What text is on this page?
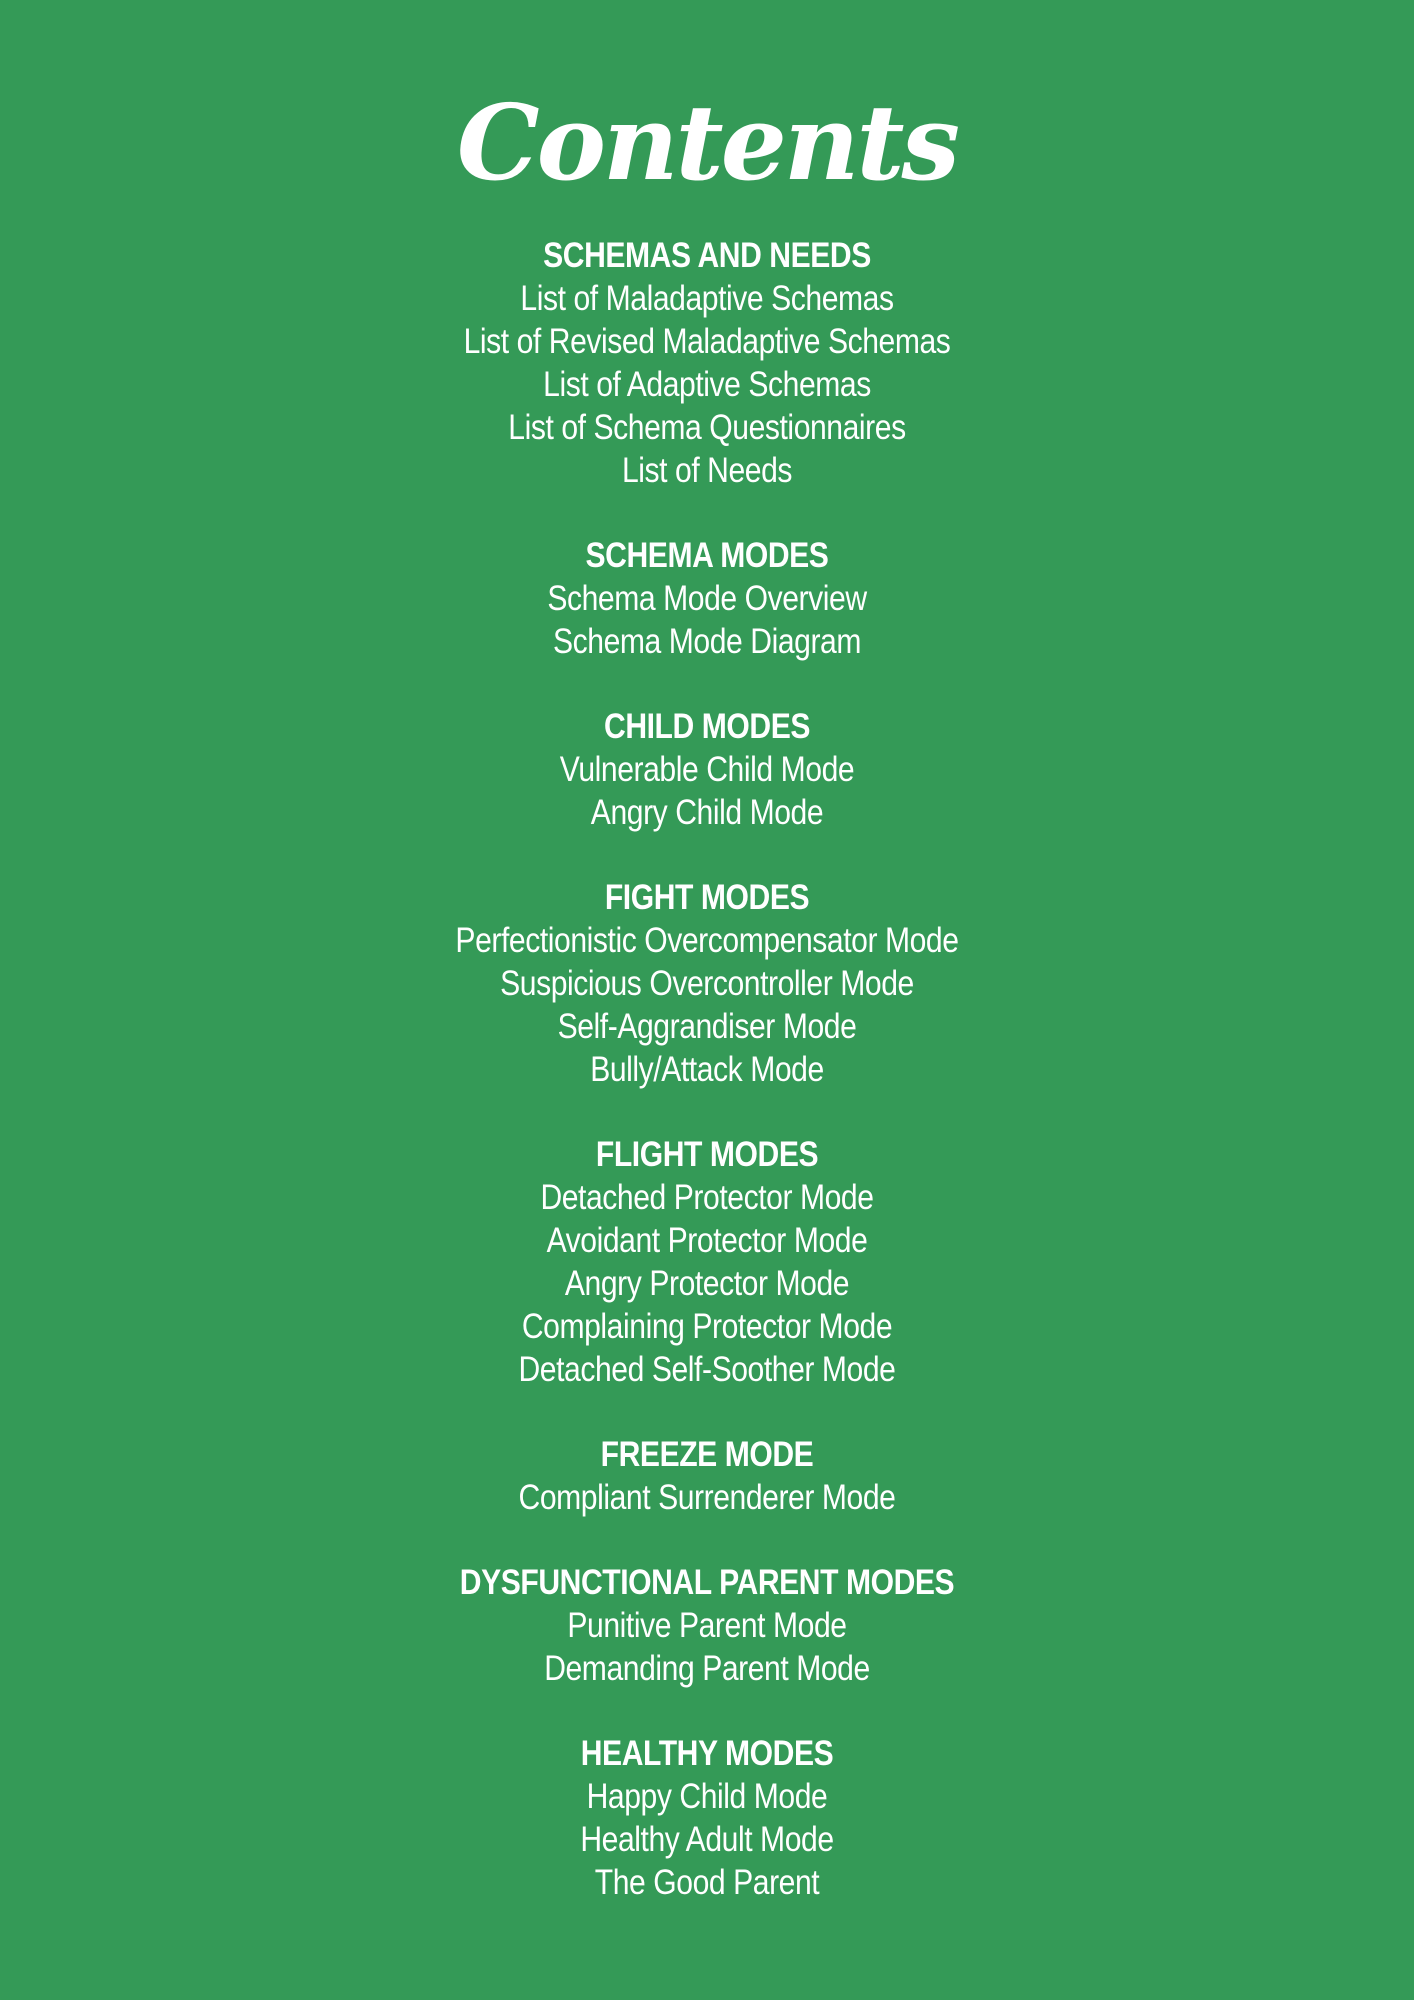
Contents
SCHEMAS AND NEEDS
List of Maladaptive Schemas
List of Revised Maladaptive Schemas
List of Adaptive Schemas
List of Schema Questionnaires
List of Needs
SCHEMA MODES
Schema Mode Overview
Schema Mode Diagram
CHILD MODES
Vulnerable Child Mode
Angry Child Mode
FIGHT MODES
Perfectionistic Overcompensator Mode
Suspicious Overcontroller Mode
Self-Aggrandiser Mode
Bully/Attack Mode
FLIGHT MODES
Detached Protector Mode
Avoidant Protector Mode
Angry Protector Mode
Complaining Protector Mode
Detached Self-Soother Mode
FREEZE MODE
Compliant Surrenderer Mode
DYSFUNCTIONAL PARENT MODES
Punitive Parent Mode
Demanding Parent Mode
HEALTHY MODES
Happy Child Mode
Healthy Adult Mode
The Good Parent
